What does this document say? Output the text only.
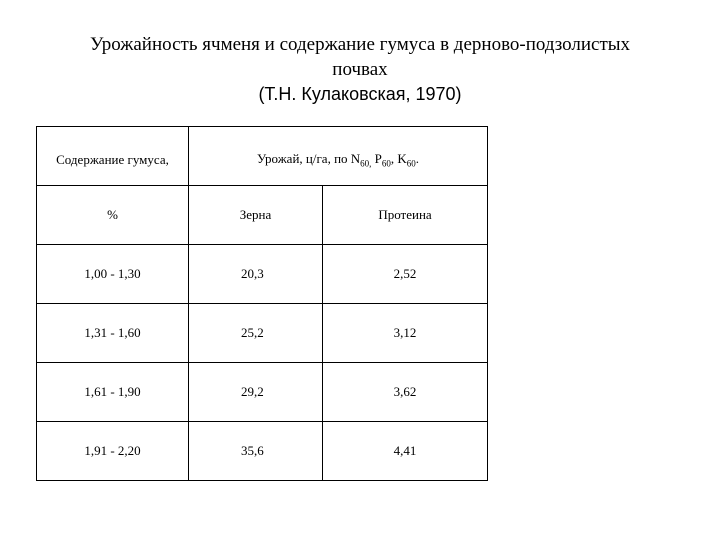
Урожайность ячменя и содержание гумуса в дерново-подзолистых
почвах
(Т.Н. Кулаковская, 1970)
Содержание гумуса,	Урожай, ц/га, по $N_{60,}$ $P_{60}$, $K_{60}$.	

%	Зерна	Протеина
1,00 - 1,30	20,3	2,52
1,31 - 1,60	25,2	3,12
1,61 - 1,90	29,2	3,62
1,91 - 2,20	35,6	4,41
